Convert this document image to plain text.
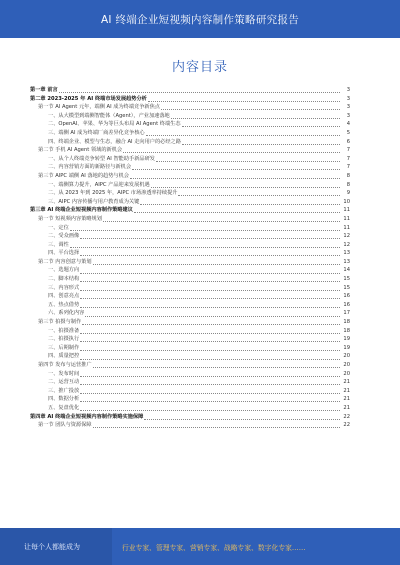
AI 终端企业短视频内容制作策略研究报告
内容目录
第一章 前言	3
第二章 2023-2025 年 AI 终端市场发展趋势分析	3
第一节 AI Agent 元年，端侧 AI 成为终端竞争新焦点	3
一、从大模型到端侧智能体（Agent），产业加速落地	3
二、OpenAI、苹果、华为等巨头布局 AI Agent 终端生态	4
三、端侧 AI 成为终端厂商差异化竞争核心	5
四、终端企业、模型与生态，融合 AI 走向用户的必经之路	6
第二节 手机 AI Agent 领域的新机会	7
一、从个人终端竞争转型 AI 智能助手新品研发	7
二、内容营销方面的新路径与新机会	7
第三节 AIPC 端侧 AI 落地的趋势与机会	8
一、端侧算力提升，AIPC 产品迎来发展机遇	8
二、从 2023 年到 2025 年，AIPC 市场渗透率持续提升	9
三、AIPC 内容传播与用户教育成为关键	10
第三章 AI 终端企业短视频内容制作策略建议	11
第一节 短视频内容策略规划	11
一、定位	11
二、受众画像	12
三、调性	12
四、平台选择	13
第二节 内容创意与策划	13
一、选题方向	14
二、脚本结构	15
三、内容形式	15
四、创意亮点	16
五、热点借势	16
六、系列化内容	17
第三节 拍摄与制作	18
一、拍摄准备	18
二、拍摄执行	19
三、后期制作	19
四、质量把控	20
第四节 发布与运营推广	20
一、发布时间	20
二、运营互动	21
三、推广投放	21
四、数据分析	21
五、复盘优化	21
第四章 AI 终端企业短视频内容制作策略实施保障	22
第一节 团队与资源保障	22
让每个人都能成为	行业专家、管理专家、营销专家、战略专家、数字化专家……
